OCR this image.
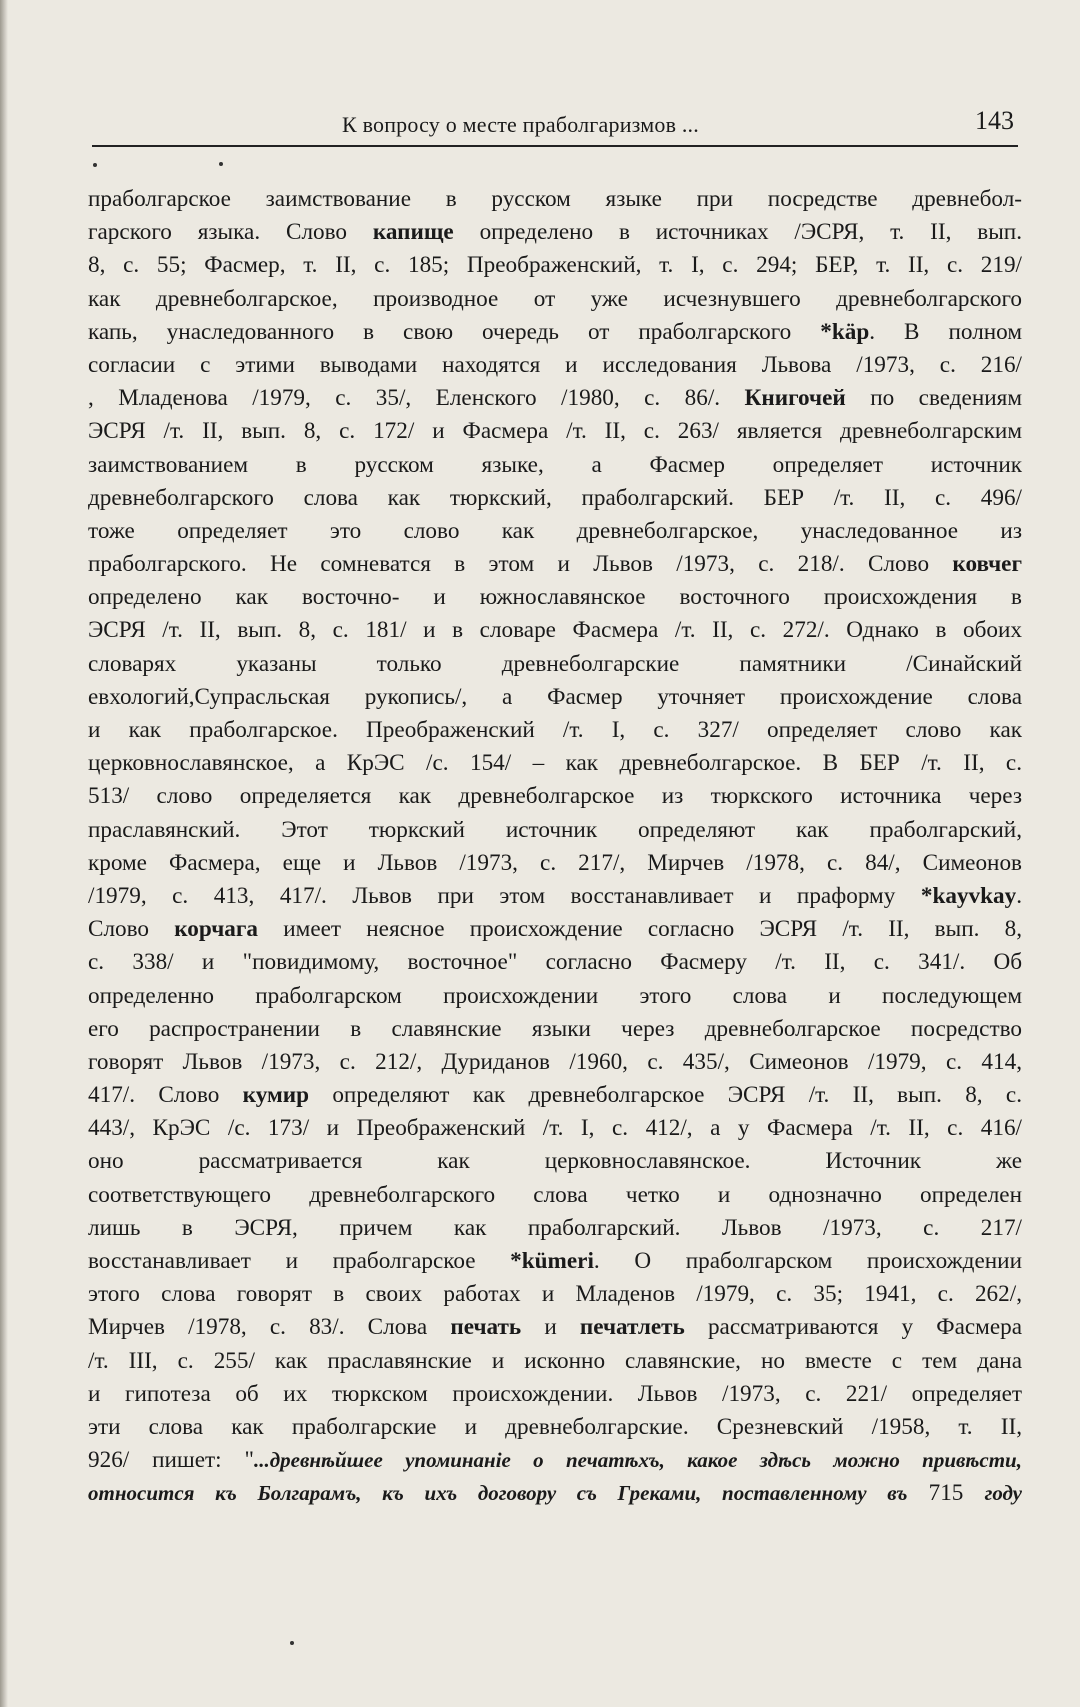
К вопросу о месте праболгаризмов ...	143
праболгарское заимствование в русском языке при посредстве древнебол-
гарского языка. Слово капище определено в источниках /ЭСРЯ, т. II, вып.
8, с. 55; Фасмер, т. II, с. 185; Преображенский, т. I, с. 294; БЕР, т. II, с. 219/
как древнеболгарское, производное от уже исчезнувшего древнеболгарского
капь, унаследованного в свою очередь от праболгарского *käp. В полном
согласии с этими выводами находятся и исследования Львова /1973, с. 216/
, Младенова /1979, с. 35/, Еленского /1980, с. 86/. Книгочей по сведениям
ЭСРЯ /т. II, вып. 8, с. 172/ и Фасмера /т. II, с. 263/ является древнеболгарским
заимствованием в русском языке, а Фасмер определяет источник
древнеболгарского слова как тюркский, праболгарский. БЕР /т. II, с. 496/
тоже определяет это слово как древнеболгарское, унаследованное из
праболгарского. Не сомневатся в этом и Львов /1973, с. 218/. Слово ковчег
определено как восточно- и южнославянское восточного происхождения в
ЭСРЯ /т. II, вып. 8, с. 181/ и в словаре Фасмера /т. II, с. 272/. Однако в обоих
словарях указаны только древнеболгарские памятники /Синайский
евхологий,Супрасльская рукопись/, а Фасмер уточняет происхождение слова
и как праболгарское. Преображенский /т. I, с. 327/ определяет слово как
церковнославянское, а КрЭС /с. 154/ – как древнеболгарское. В БЕР /т. II, с.
513/ слово определяется как древнеболгарское из тюркского источника через
праславянский. Этот тюркский источник определяют как праболгарский,
кроме Фасмера, еще и Львов /1973, с. 217/, Мирчев /1978, с. 84/, Симеонов
/1979, с. 413, 417/. Львов при этом восстанавливает и праформу *kayvkay.
Слово корчага имеет неясное происхождение согласно ЭСРЯ /т. II, вып. 8,
с. 338/ и "повидимому, восточное" согласно Фасмеру /т. II, с. 341/. Об
определенно праболгарском происхождении этого слова и последующем
его распространении в славянские языки через древнеболгарское посредство
говорят Львов /1973, с. 212/, Дуриданов /1960, с. 435/, Симеонов /1979, с. 414,
417/. Слово кумир определяют как древнеболгарское ЭСРЯ /т. II, вып. 8, с.
443/, КрЭС /с. 173/ и Преображенский /т. I, с. 412/, а у Фасмера /т. II, с. 416/
оно рассматривается как церковнославянское. Источник же
соответствующего древнеболгарского слова четко и однозначно определен
лишь в ЭСРЯ, причем как праболгарский. Львов /1973, с. 217/
восстанавливает и праболгарское *kümeri. О праболгарском происхождении
этого слова говорят в своих работах и Младенов /1979, с. 35; 1941, с. 262/,
Мирчев /1978, с. 83/. Слова печать и печатлеть рассматриваются у Фасмера
/т. III, с. 255/ как праславянские и исконно славянские, но вместе с тем дана
и гипотеза об их тюркском происхождении. Львов /1973, с. 221/ определяет
эти слова как праболгарские и древнеболгарские. Срезневский /1958, т. II,
926/ пишет: "...древнѣйшее упоминанiе о печатѣхъ, какое здѣсь можно привѣсти,
относится къ Болгарамъ, къ ихъ договору съ Греками, поставленному въ 715 году
